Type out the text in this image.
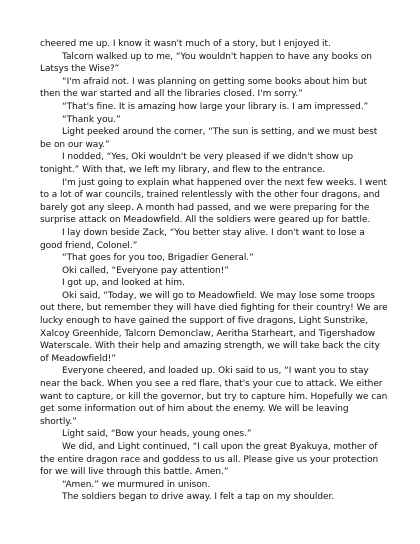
cheered me up. I know it wasn't much of a story, but I enjoyed it.

Talcorn walked up to me, “You wouldn't happen to have any books on Latsys the Wise?”

“I'm afraid not. I was planning on getting some books about him but then the war started and all the libraries closed. I'm sorry.”

“That's fine. It is amazing how large your library is. I am impressed.”

“Thank you.”

Light peeked around the corner, “The sun is setting, and we must best be on our way.”

I nodded, “Yes, Oki wouldn't be very pleased if we didn't show up tonight.” With that, we left my library, and flew to the entrance.

I'm just going to explain what happened over the next few weeks. I went to a lot of war councils, trained relentlessly with the other four dragons, and barely got any sleep. A month had passed, and we were preparing for the surprise attack on Meadowfield. All the soldiers were geared up for battle.

I lay down beside Zack, “You better stay alive. I don't want to lose a good friend, Colonel.”

“That goes for you too, Brigadier General.”

Oki called, “Everyone pay attention!”

I got up, and looked at him.

Oki said, “Today, we will go to Meadowfield. We may lose some troops out there, but remember they will have died fighting for their country! We are lucky enough to have gained the support of five dragons, Light Sunstrike, Xalcoy Greenhide, Talcorn Demonclaw, Aeritha Starheart, and Tigershadow Waterscale. With their help and amazing strength, we will take back the city of Meadowfield!”

Everyone cheered, and loaded up. Oki said to us, “I want you to stay near the back. When you see a red flare, that's your cue to attack. We either want to capture, or kill the governor, but try to capture him. Hopefully we can get some information out of him about the enemy. We will be leaving shortly.”

Light said, “Bow your heads, young ones.”

We did, and Light continued, “I call upon the great Byakuya, mother of the entire dragon race and goddess to us all. Please give us your protection for we will live through this battle. Amen.”

“Amen.” we murmured in unison.

The soldiers began to drive away. I felt a tap on my shoulder.
